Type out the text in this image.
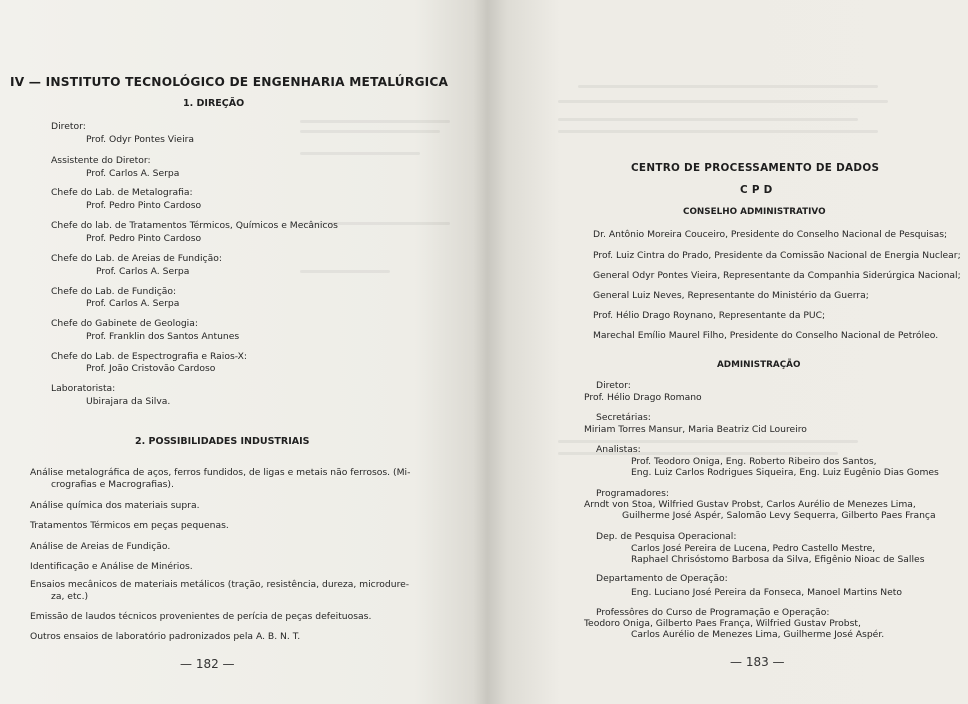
IV — INSTITUTO TECNOLÓGICO DE ENGENHARIA METALÚRGICA
1. DIREÇÃO
Diretor:
Prof. Odyr Pontes Vieira
Assistente do Diretor:
Prof. Carlos A. Serpa
Chefe do Lab. de Metalografia:
Prof. Pedro Pinto Cardoso
Chefe do lab. de Tratamentos Térmicos, Químicos e Mecânicos
Prof. Pedro Pinto Cardoso
Chefe do Lab. de Areias de Fundição:
Prof. Carlos A. Serpa
Chefe do Lab. de Fundição:
Prof. Carlos A. Serpa
Chefe do Gabinete de Geologia:
Prof. Franklin dos Santos Antunes
Chefe do Lab. de Espectrografia e Raios-X:
Prof. João Cristovão Cardoso
Laboratorista:
Ubirajara da Silva.
2. POSSIBILIDADES INDUSTRIAIS
Análise metalográfica de aços, ferros fundidos, de ligas e metais não ferrosos. (Mi-
crografias e Macrografias).
Análise química dos materiais supra.
Tratamentos Térmicos em peças pequenas.
Análise de Areias de Fundição.
Identificação e Análise de Minérios.
Ensaios mecânicos de materiais metálicos (tração, resistência, dureza, microdure-
za, etc.)
Emissão de laudos técnicos provenientes de perícia de peças defeituosas.
Outros ensaios de laboratório padronizados pela A. B. N. T.
— 182 —
CENTRO DE PROCESSAMENTO DE DADOS
C P D
CONSELHO ADMINISTRATIVO
Dr. Antônio Moreira Couceiro, Presidente do Conselho Nacional de Pesquisas;
Prof. Luiz Cintra do Prado, Presidente da Comissão Nacional de Energia Nuclear;
General Odyr Pontes Vieira, Representante da Companhia Siderúrgica Nacional;
General Luiz Neves, Representante do Ministério da Guerra;
Prof. Hélio Drago Roynano, Representante da PUC;
Marechal Emílio Maurel Filho, Presidente do Conselho Nacional de Petróleo.
ADMINISTRAÇÃO
Diretor:
Prof. Hélio Drago Romano
Secretárias:
Miriam Torres Mansur, Maria Beatriz Cid Loureiro
Analistas:
Prof. Teodoro Oniga, Eng. Roberto Ribeiro dos Santos,
Eng. Luiz Carlos Rodrigues Siqueira, Eng. Luiz Eugênio Dias Gomes
Programadores:
Arndt von Stoa, Wilfried Gustav Probst, Carlos Aurélio de Menezes Lima,
Guilherme José Aspér, Salomão Levy Sequerra, Gilberto Paes França
Dep. de Pesquisa Operacional:
Carlos José Pereira de Lucena, Pedro Castello Mestre,
Raphael Chrisóstomo Barbosa da Silva, Efigênio Nioac de Salles
Departamento de Operação:
Eng. Luciano José Pereira da Fonseca, Manoel Martins Neto
Professôres do Curso de Programação e Operação:
Teodoro Oniga, Gilberto Paes França, Wilfried Gustav Probst,
Carlos Aurélio de Menezes Lima, Guilherme José Aspér.
— 183 —
